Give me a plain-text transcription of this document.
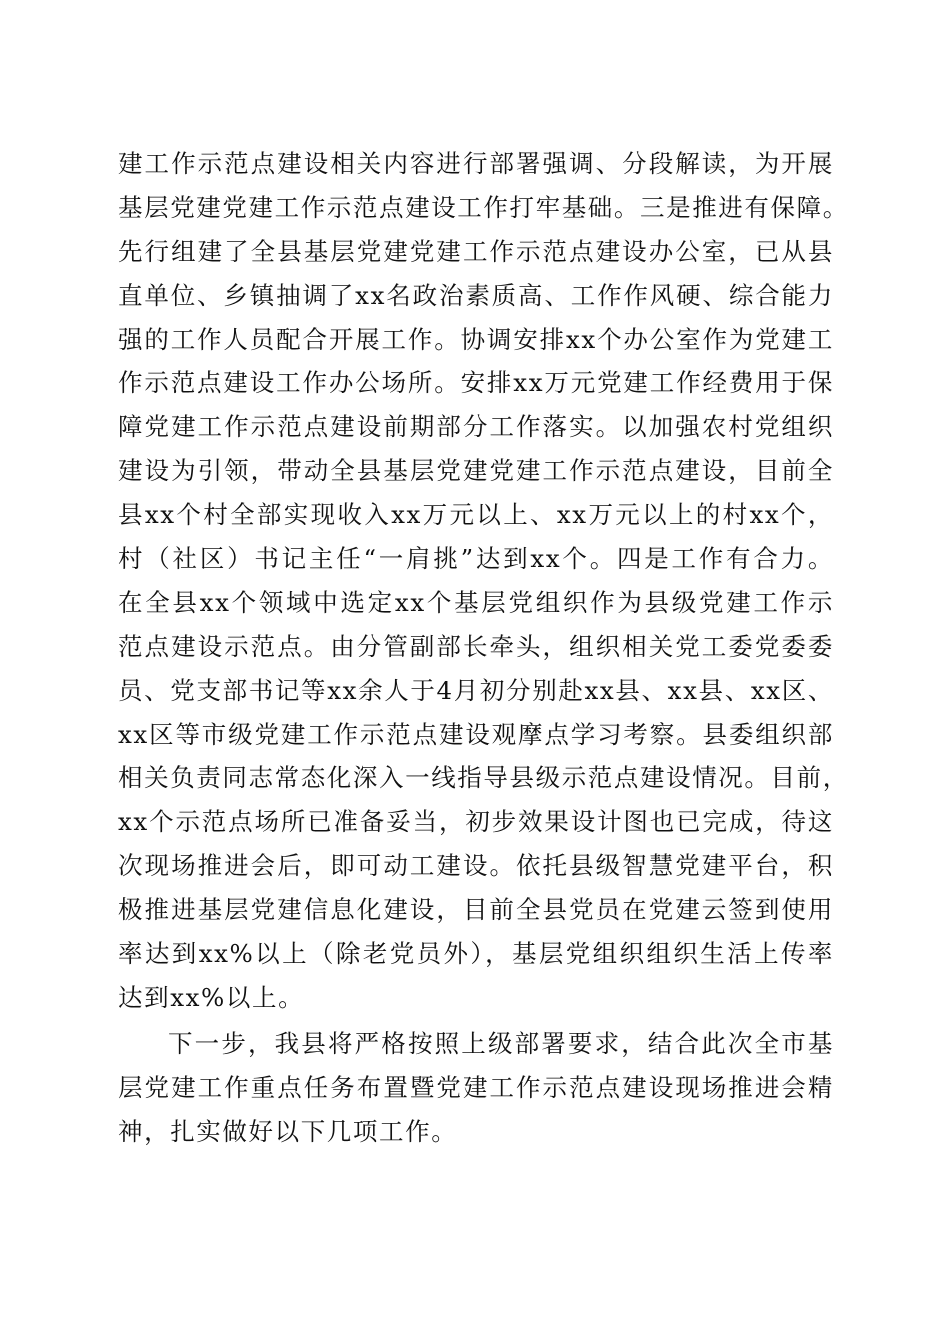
建工作示范点建设相关内容进行部署强调、分段解读，为开展
基层党建党建工作示范点建设工作打牢基础。三是推进有保障。
先行组建了全县基层党建党建工作示范点建设办公室，已从县
直单位、乡镇抽调了xx名政治素质高、工作作风硬、综合能力
强的工作人员配合开展工作。协调安排xx个办公室作为党建工
作示范点建设工作办公场所。安排xx万元党建工作经费用于保
障党建工作示范点建设前期部分工作落实。以加强农村党组织
建设为引领，带动全县基层党建党建工作示范点建设，目前全
县xx个村全部实现收入xx万元以上、xx万元以上的村xx个，
村（社区）书记主任“一肩挑”达到xx个。四是工作有合力。
在全县xx个领域中选定xx个基层党组织作为县级党建工作示
范点建设示范点。由分管副部长牵头，组织相关党工委党委委
员、党支部书记等xx余人于4月初分别赴xx县、xx县、xx区、
xx区等市级党建工作示范点建设观摩点学习考察。县委组织部
相关负责同志常态化深入一线指导县级示范点建设情况。目前，
xx个示范点场所已准备妥当，初步效果设计图也已完成，待这
次现场推进会后，即可动工建设。依托县级智慧党建平台，积
极推进基层党建信息化建设，目前全县党员在党建云签到使用
率达到xx%以上（除老党员外），基层党组织组织生活上传率
达到xx%以上。
下一步，我县将严格按照上级部署要求，结合此次全市基
层党建工作重点任务布置暨党建工作示范点建设现场推进会精
神，扎实做好以下几项工作。
